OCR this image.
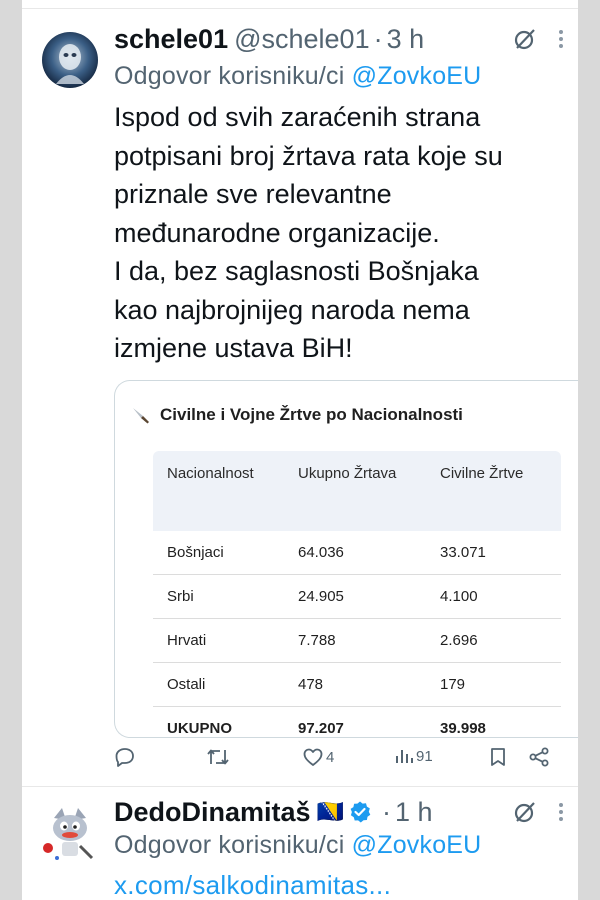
schele01 @schele01 · 3 h
Odgovor korisniku/ci @ZovkoEU
Ispod od svih zaraćenih strana
potpisani broj žrtava rata koje su
priznale sve relevantne
međunarodne organizacije.
I da, bez saglasnosti Bošnjaka
kao najbrojnijeg naroda nema
izmjene ustava BiH!
Civilne i Vojne Žrtve po Nacionalnosti
Nacionalnost	Ukupno Žrtava	Civilne Žrtve
Bošnjaci	64.036	33.071
Srbi	24.905	4.100
Hrvati	7.788	2.696
Ostali	478	179
UKUPNO	97.207	39.998
4	91
DedoDinamitaš 🇧🇦 · 1 h
Odgovor korisniku/ci @ZovkoEU
x.com/salkodinamitas...
